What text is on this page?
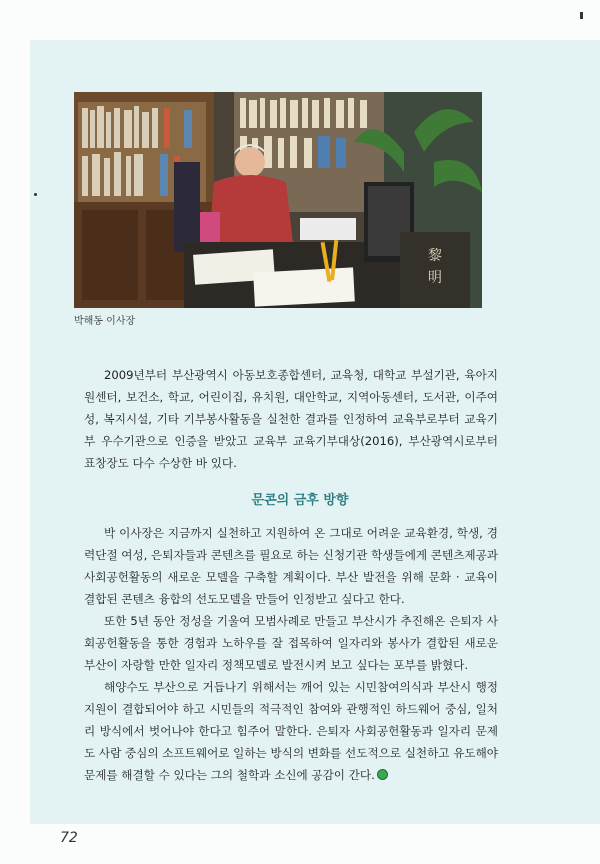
黎
明
박해동 이사장

2009년부터 부산광역시 아동보호종합센터, 교육청, 대학교 부설기관, 육아지원센터, 보건소, 학교, 어린이집, 유치원, 대안학교, 지역아동센터, 도서관, 이주여성, 복지시설, 기타 기부봉사활동을 실천한 결과를 인정하여 교육부로부터 교육기부 우수기관으로 인증을 받았고 교육부 교육기부대상(2016), 부산광역시로부터 표창장도 다수 수상한 바 있다.

문콘의 금후 방향

박 이사장은 지금까지 실천하고 지원하여 온 그대로 어려운 교육환경, 학생, 경력단절 여성, 은퇴자들과 콘텐츠를 필요로 하는 신청기관 학생들에게 콘텐츠제공과 사회공헌활동의 새로운 모델을 구축할 계획이다. 부산 발전을 위해 문화 · 교육이 결합된 콘텐츠 융합의 선도모델을 만들어 인정받고 싶다고 한다.

또한 5년 동안 정성을 기울여 모범사례로 만들고 부산시가 추진해온 은퇴자 사회공헌활동을 통한 경험과 노하우를 잘 접목하여 일자리와 봉사가 결합된 새로운 부산이 자랑할 만한 일자리 정책모델로 발전시켜 보고 싶다는 포부를 밝혔다.

해양수도 부산으로 거듭나기 위해서는 깨어 있는 시민참여의식과 부산시 행정지원이 결합되어야 하고 시민들의 적극적인 참여와 관행적인 하드웨어 중심, 일처리 방식에서 벗어나야 한다고 힘주어 말한다. 은퇴자 사회공헌활동과 일자리 문제도 사람 중심의 소프트웨어로 일하는 방식의 변화를 선도적으로 실천하고 유도해야 문제를 해결할 수 있다는 그의 철학과 소신에 공감이 간다.

72
